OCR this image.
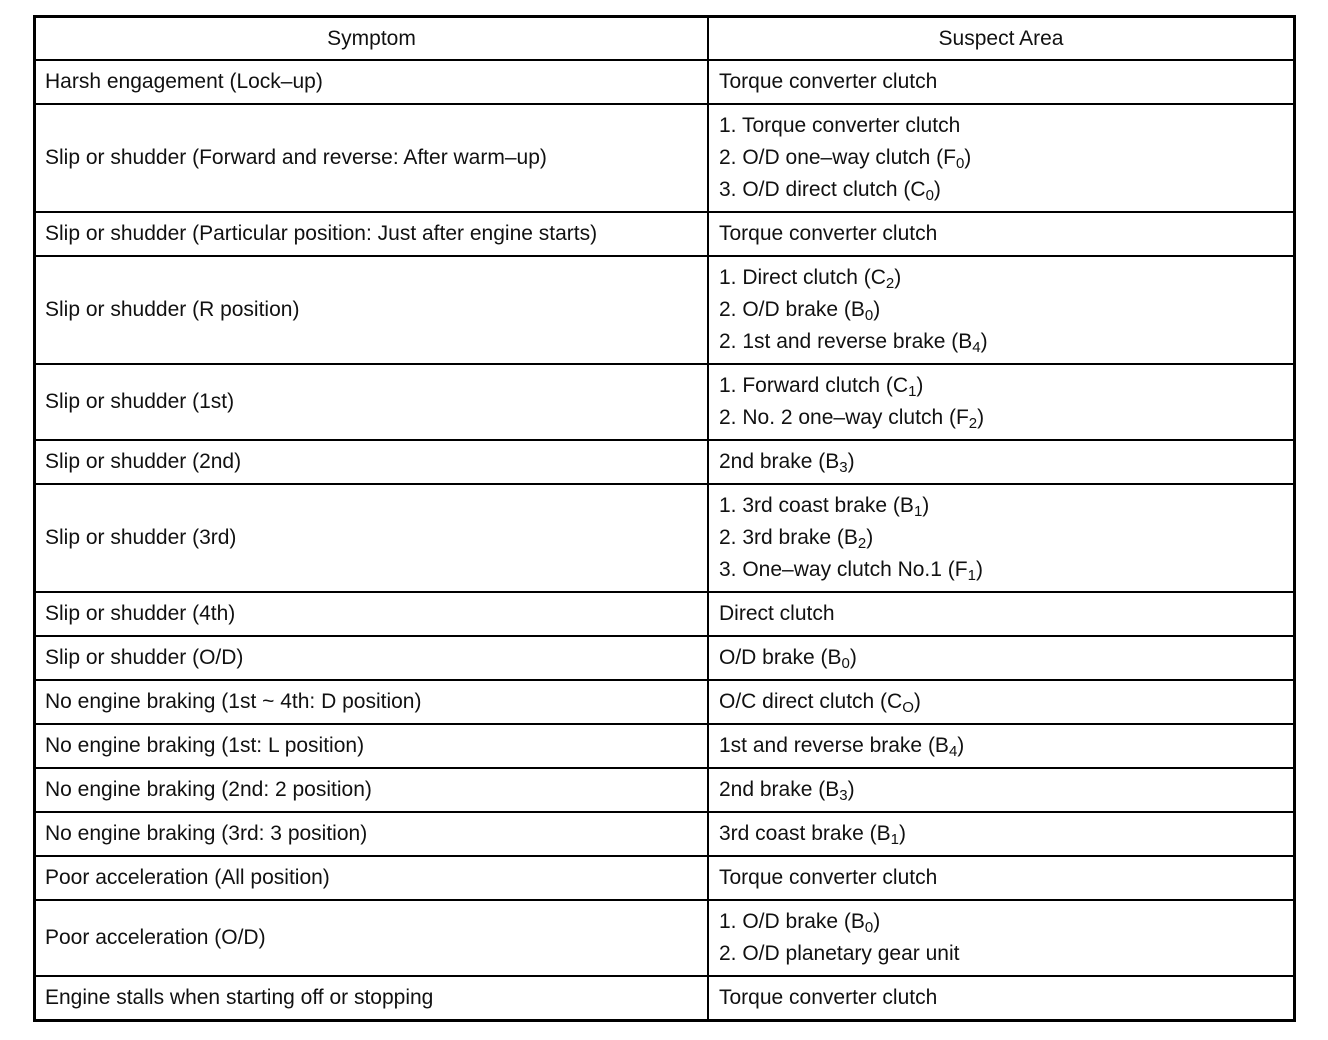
Symptom	Suspect Area
Harsh engagement (Lock–up)	Torque converter clutch

Slip or shudder (Forward and reverse: After warm–up)	1. Torque converter clutch
2. O/D one–way clutch $(F_0)$
3. O/D direct clutch $(C_0)$

Slip or shudder (Particular position: Just after engine starts)	Torque converter clutch

Slip or shudder (R position)	1. Direct clutch $(C_2)$
2. O/D brake $(B_0)$
2. 1st and reverse brake $(B_4)$

Slip or shudder (1st)	1. Forward clutch $(C_1)$
2. No. 2 one–way clutch $(F_2)$

Slip or shudder (2nd)	2nd brake $(B_3)$

Slip or shudder (3rd)	1. 3rd coast brake $(B_1)$
2. 3rd brake $(B_2)$
3. One–way clutch No.1 $(F_1)$

Slip or shudder (4th)	Direct clutch

Slip or shudder (O/D)	O/D brake $(B_0)$

No engine braking (1st ~ 4th: D position)	O/C direct clutch $(C_O)$

No engine braking (1st: L position)	1st and reverse brake $(B_4)$

No engine braking (2nd: 2 position)	2nd brake $(B_3)$

No engine braking (3rd: 3 position)	3rd coast brake $(B_1)$

Poor acceleration (All position)	Torque converter clutch

Poor acceleration (O/D)	1. O/D brake $(B_0)$
2. O/D planetary gear unit

Engine stalls when starting off or stopping	Torque converter clutch
